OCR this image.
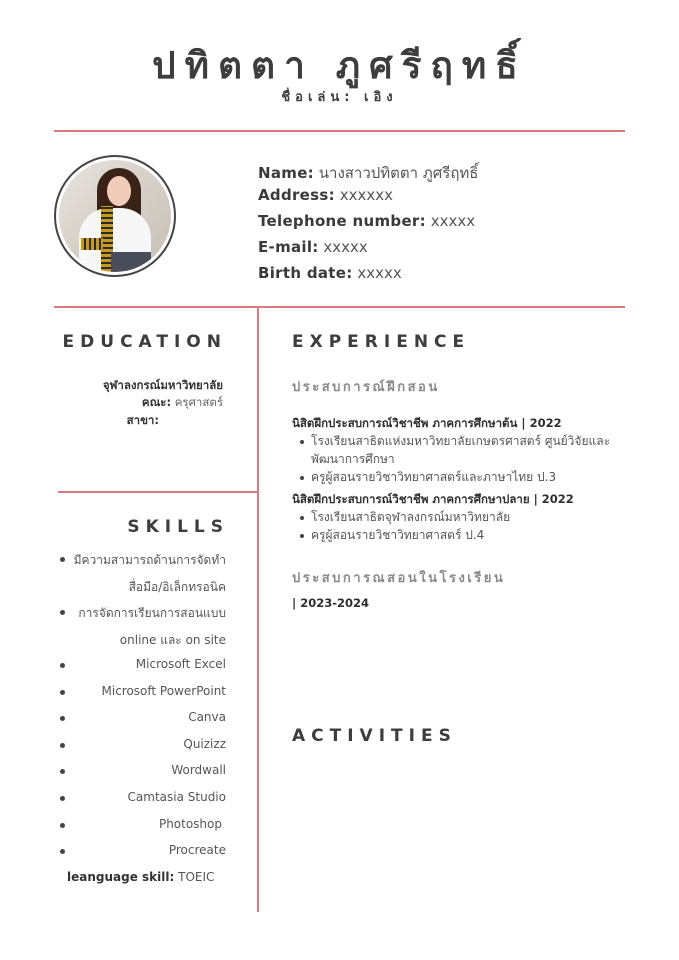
ปทิตตา ภูศรีฤทธิ์
ชื่อเล่น: เอิง
Name: นางสาวปทิตตา ภูศรีฤทธิ์
Address: xxxxxx
Telephone number: xxxxx
E-mail: xxxxx
Birth date: xxxxx
EDUCATION
จุฬาลงกรณ์มหาวิทยาลัย
คณะ: ครุศาสตร์
สาขา:
SKILLS
มีความสามารถด้านการจัดทำ
สื่อมือ/อิเล็กทรอนิค
การจัดการเรียนการสอนแบบ
online และ on site
Microsoft Excel
Microsoft PowerPoint
Canva
Quizizz
Wordwall
Camtasia Studio
Photoshop
Procreate
leanguage skill: TOEIC
EXPERIENCE
ประสบการณ์ฝึกสอน
นิสิตฝึกประสบการณ์วิชาชีพ ภาคการศึกษาต้น | 2022
โรงเรียนสาธิตแห่งมหาวิทยาลัยเกษตรศาสตร์ ศูนย์วิจัยและ
พัฒนาการศึกษา
ครูผู้สอนรายวิชาวิทยาศาสตร์และภาษาไทย ป.3
นิสิตฝึกประสบการณ์วิชาชีพ ภาคการศึกษาปลาย | 2022
โรงเรียนสาธิตจุฬาลงกรณ์มหาวิทยาลัย
ครูผู้สอนรายวิชาวิทยาศาสตร์ ป.4
ประสบการณสอนในโรงเรียน
| 2023-2024
ACTIVITIES
